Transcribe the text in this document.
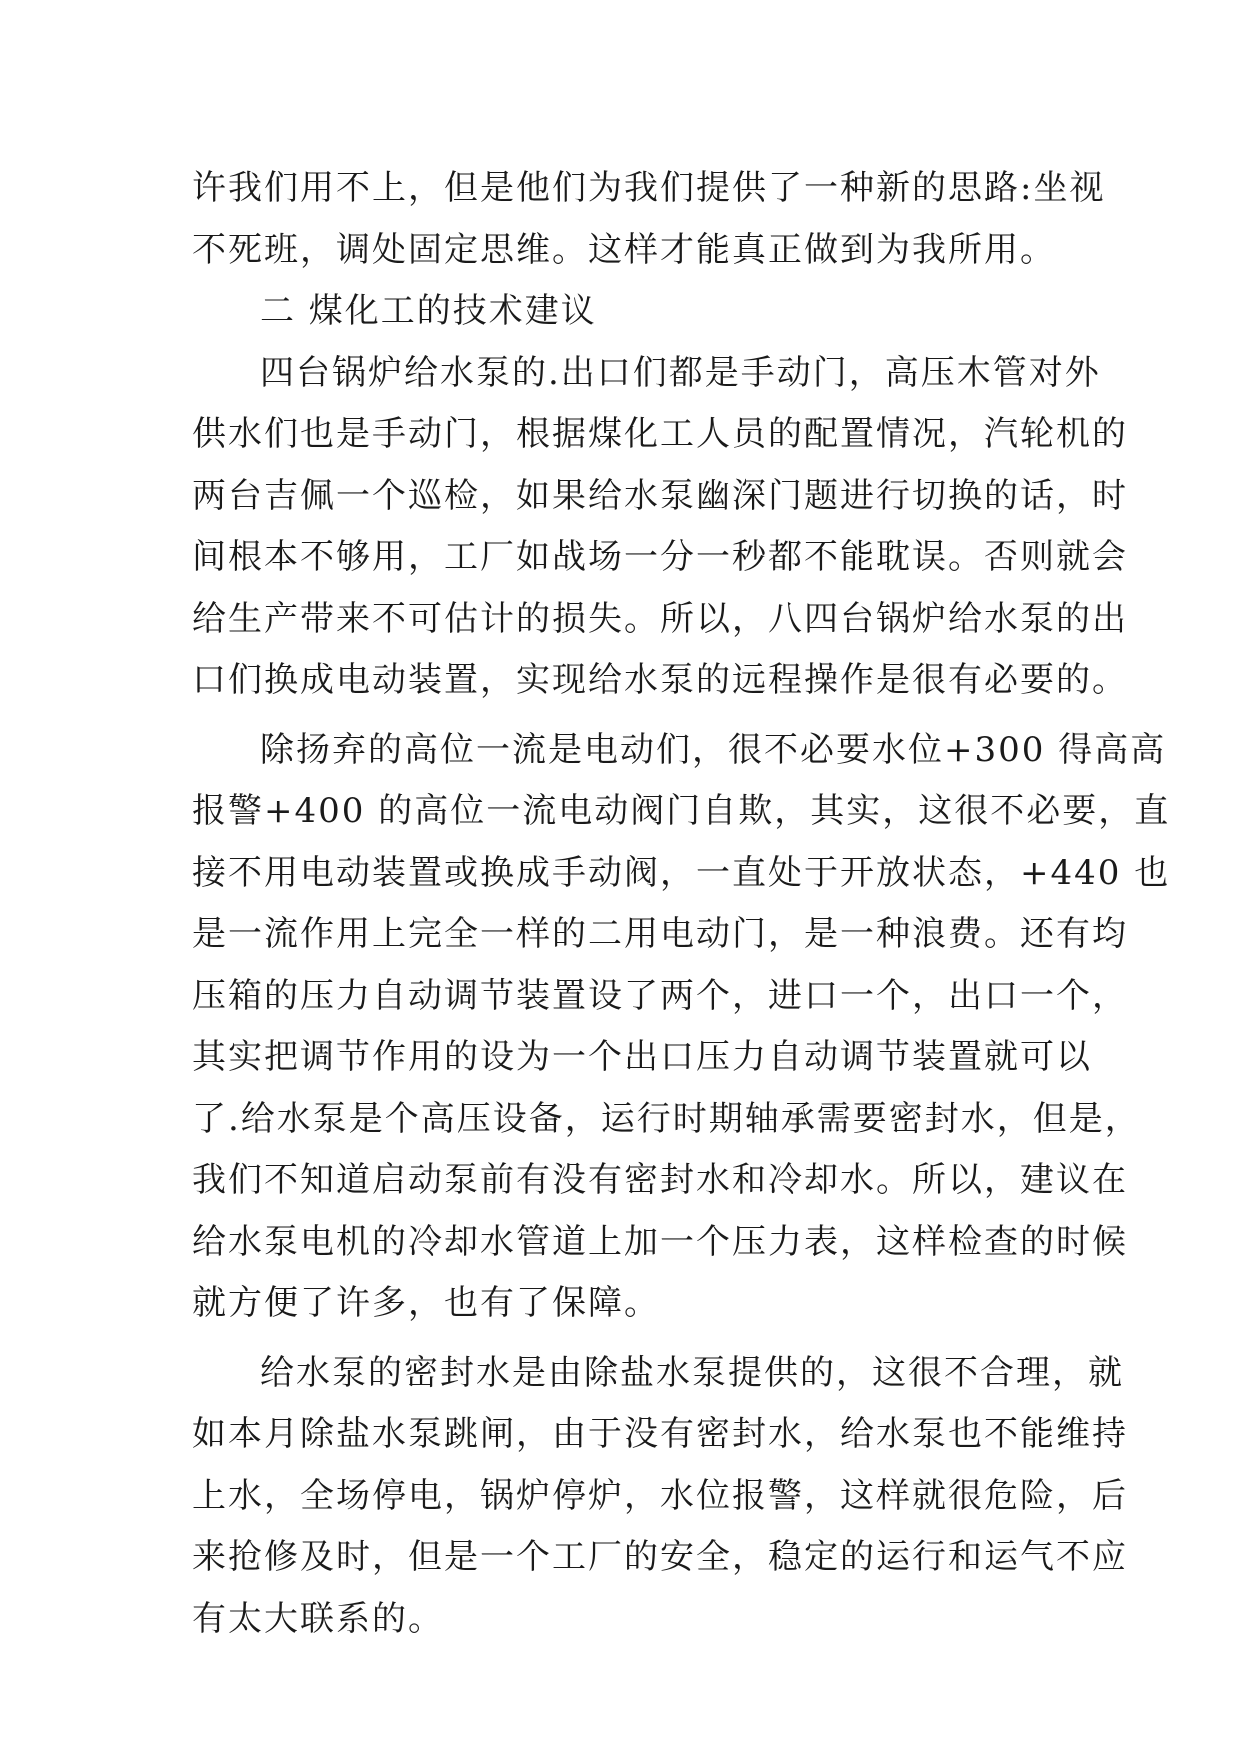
许我们用不上，但是他们为我们提供了一种新的思路:坐视
不死班，调处固定思维。这样才能真正做到为我所用。
二 煤化工的技术建议
四台锅炉给水泵的.出口们都是手动门，高压木管对外
供水们也是手动门，根据煤化工人员的配置情况，汽轮机的
两台吉佩一个巡检，如果给水泵幽深门题进行切换的话，时
间根本不够用，工厂如战场一分一秒都不能耽误。否则就会
给生产带来不可估计的损失。所以，八四台锅炉给水泵的出
口们换成电动装置，实现给水泵的远程操作是很有必要的。
除扬弃的高位一流是电动们，很不必要水位+300 得高高
报警+400 的高位一流电动阀门自欺，其实，这很不必要，直
接不用电动装置或换成手动阀，一直处于开放状态，+440 也
是一流作用上完全一样的二用电动门，是一种浪费。还有均
压箱的压力自动调节装置设了两个，进口一个，出口一个，
其实把调节作用的设为一个出口压力自动调节装置就可以
了.给水泵是个高压设备，运行时期轴承需要密封水，但是，
我们不知道启动泵前有没有密封水和冷却水。所以，建议在
给水泵电机的冷却水管道上加一个压力表，这样检查的时候
就方便了许多，也有了保障。
给水泵的密封水是由除盐水泵提供的，这很不合理，就
如本月除盐水泵跳闸，由于没有密封水，给水泵也不能维持
上水，全场停电，锅炉停炉，水位报警，这样就很危险，后
来抢修及时，但是一个工厂的安全，稳定的运行和运气不应
有太大联系的。
